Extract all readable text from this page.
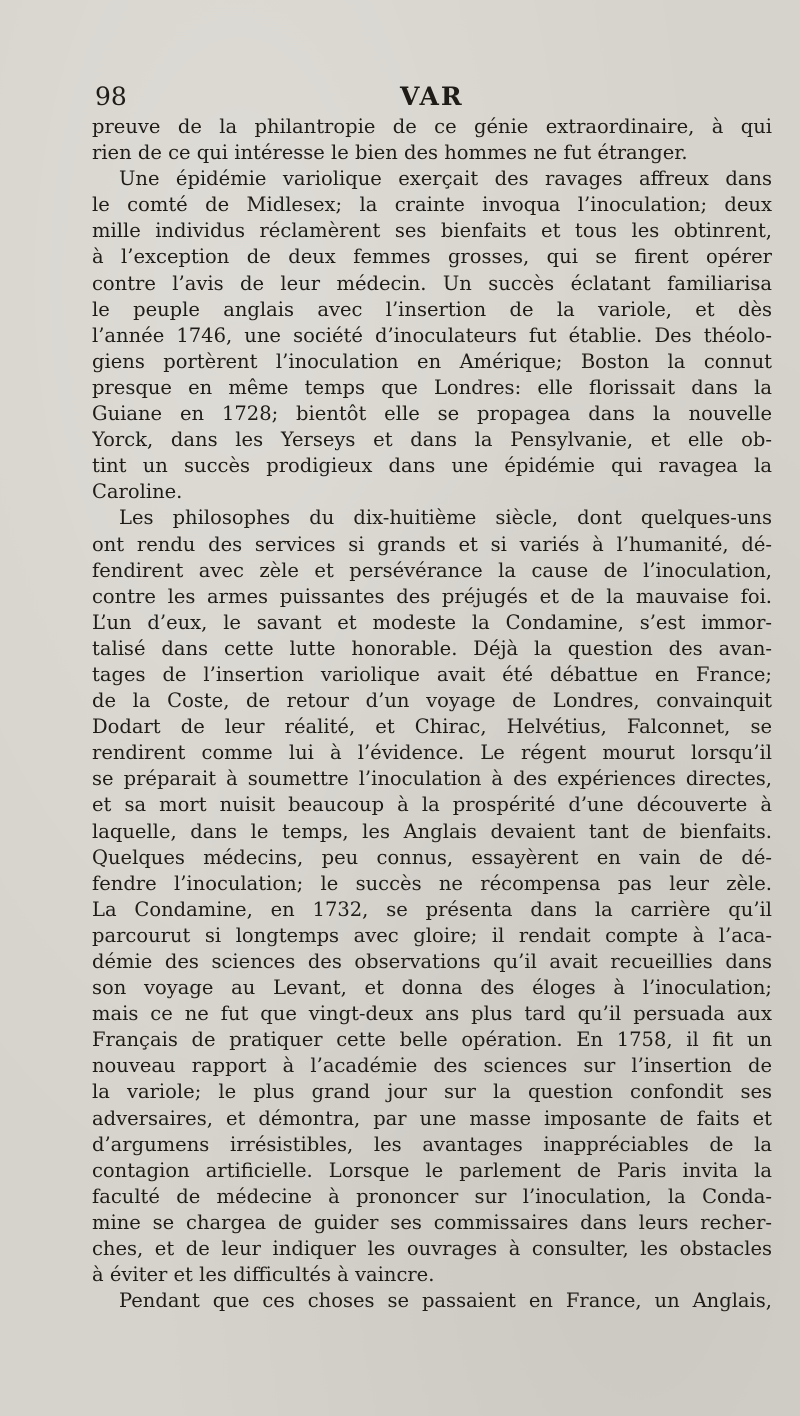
98	VAR
preuve de la philantropie de ce génie extraordinaire, à qui
rien de ce qui intéresse le bien des hommes ne fut étranger.
Une épidémie variolique exerçait des ravages affreux dans
le comté de Midlesex; la crainte invoqua l’inoculation; deux
mille individus réclamèrent ses bienfaits et tous les obtinrent,
à l’exception de deux femmes grosses, qui se firent opérer
contre l’avis de leur médecin. Un succès éclatant familiarisa
le peuple anglais avec l’insertion de la variole, et dès
l’année 1746, une société d’inoculateurs fut établie. Des théolo-
giens portèrent l’inoculation en Amérique; Boston la connut
presque en même temps que Londres: elle florissait dans la
Guiane en 1728; bientôt elle se propagea dans la nouvelle
Yorck, dans les Yerseys et dans la Pensylvanie, et elle ob-
tint un succès prodigieux dans une épidémie qui ravagea la
Caroline.
Les philosophes du dix-huitième siècle, dont quelques-uns
ont rendu des services si grands et si variés à l’humanité, dé-
fendirent avec zèle et persévérance la cause de l’inoculation,
contre les armes puissantes des préjugés et de la mauvaise foi.
L’un d’eux, le savant et modeste la Condamine, s’est immor-
talisé dans cette lutte honorable. Déjà la question des avan-
tages de l’insertion variolique avait été débattue en France;
de la Coste, de retour d’un voyage de Londres, convainquit
Dodart de leur réalité, et Chirac, Helvétius, Falconnet, se
rendirent comme lui à l’évidence. Le régent mourut lorsqu’il
se préparait à soumettre l’inoculation à des expériences directes,
et sa mort nuisit beaucoup à la prospérité d’une découverte à
laquelle, dans le temps, les Anglais devaient tant de bienfaits.
Quelques médecins, peu connus, essayèrent en vain de dé-
fendre l’inoculation; le succès ne récompensa pas leur zèle.
La Condamine, en 1732, se présenta dans la carrière qu’il
parcourut si longtemps avec gloire; il rendait compte à l’aca-
démie des sciences des observations qu’il avait recueillies dans
son voyage au Levant, et donna des éloges à l’inoculation;
mais ce ne fut que vingt-deux ans plus tard qu’il persuada aux
Français de pratiquer cette belle opération. En 1758, il fit un
nouveau rapport à l’académie des sciences sur l’insertion de
la variole; le plus grand jour sur la question confondit ses
adversaires, et démontra, par une masse imposante de faits et
d’argumens irrésistibles, les avantages inappréciables de la
contagion artificielle. Lorsque le parlement de Paris invita la
faculté de médecine à prononcer sur l’inoculation, la Conda-
mine se chargea de guider ses commissaires dans leurs recher-
ches, et de leur indiquer les ouvrages à consulter, les obstacles
à éviter et les difficultés à vaincre.
Pendant que ces choses se passaient en France, un Anglais,
